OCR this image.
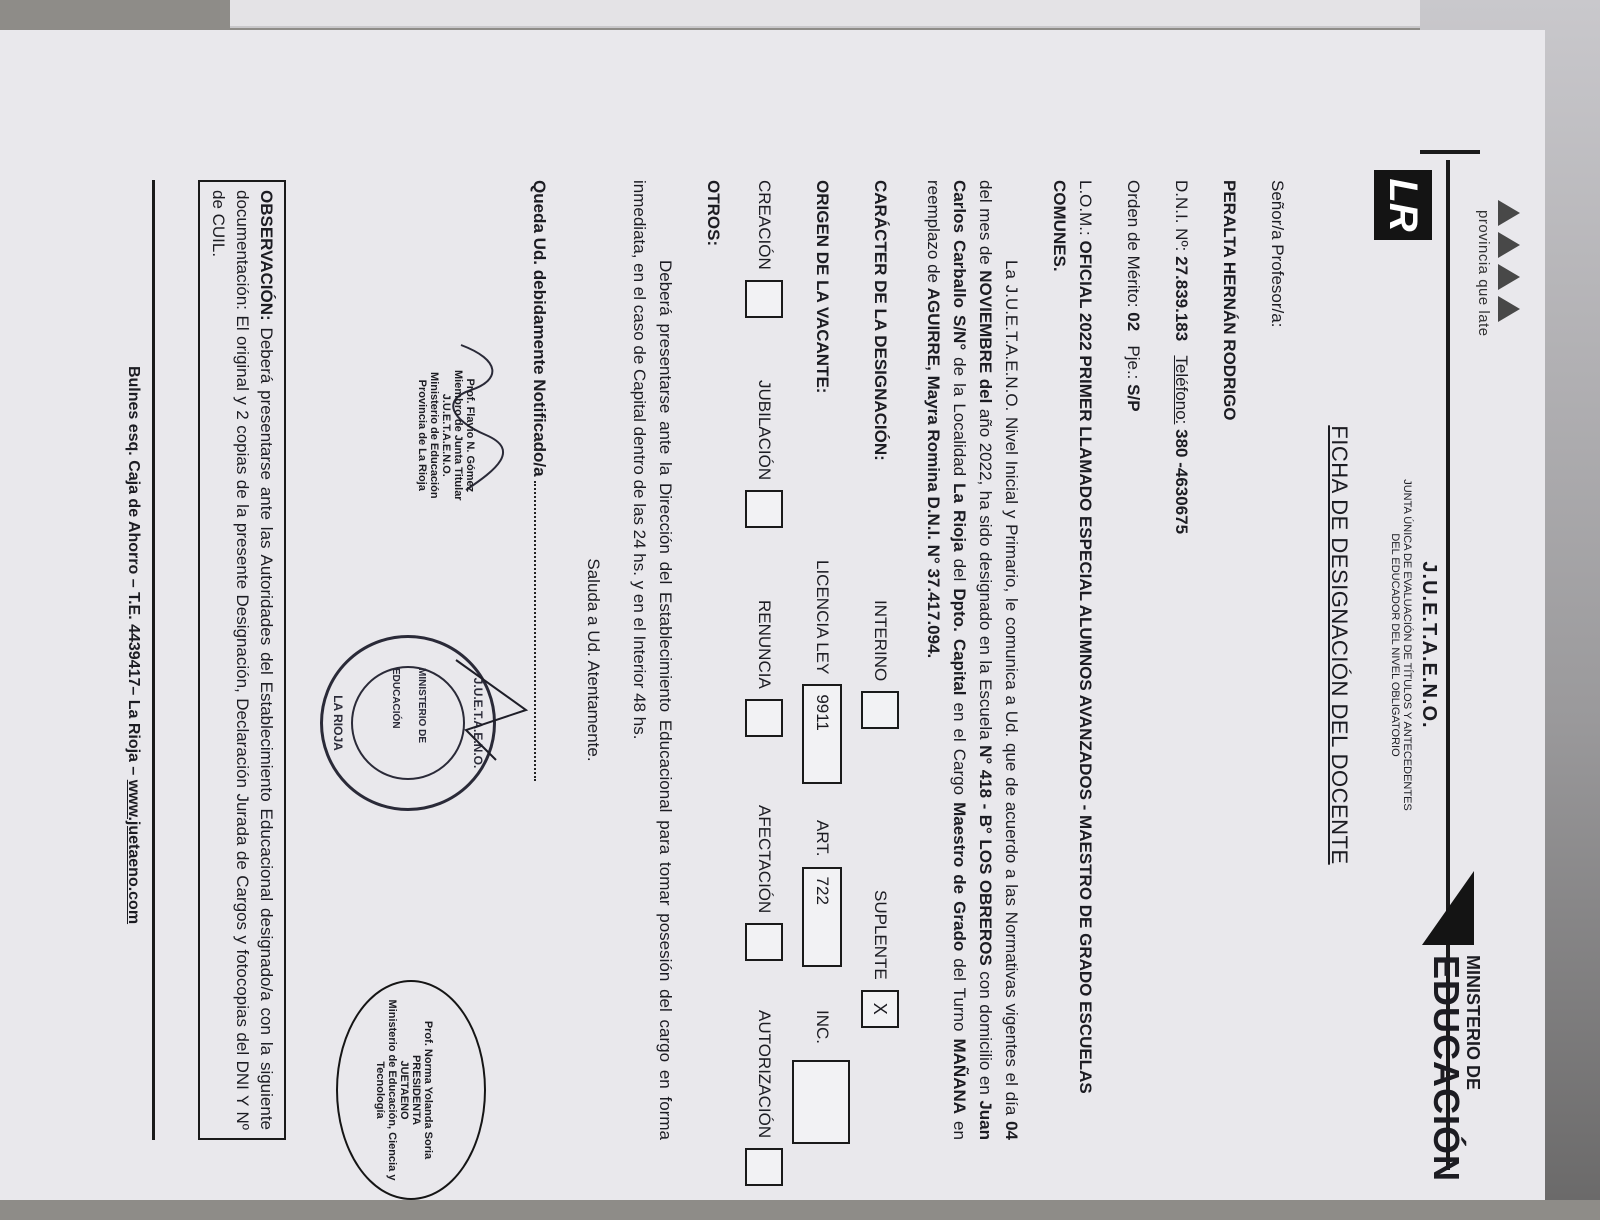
provincia que late
LR
J.U.E.T.A.E.N.O.
JUNTA ÚNICA DE EVALUACIÓN DE TÍTULOS Y ANTECEDENTES
DEL EDUCADOR DEL NIVEL OBLIGATORIO
MINISTERIO DE
EDUCACIÓN
FICHA DE DESIGNACIÓN DEL DOCENTE
Señor/a Profesor/a:
PERALTA HERNÁN RODRIGO
D.N.I. Nº: 27.839.183   Teléfono: 380 -4630675
Orden de Mérito: 02   Pje.: S/P
L.O.M.: OFICIAL 2022 PRIMER LLAMADO ESPECIAL ALUMNOS AVANZADOS - MAESTRO DE GRADO ESCUELAS COMUNES.
La J.U.E.T.A.E.N.O. Nivel Inicial y Primario, le comunica a Ud. que de acuerdo a las Normativas vigentes el día 04 del mes de NOVIEMBRE del año 2022, ha sido designado en la Escuela N° 418 - B° LOS OBREROS con domicilio en Juan Carlos Carballo S/N° de la Localidad La Rioja del Dpto. Capital en el Cargo Maestro de Grado del Turno MAÑANA en reemplazo de AGUIRRE, Mayra Romina D.N.I. N° 37.417.094.
CARÁCTER DE LA DESIGNACIÓN:
INTERINO
SUPLENTE
X
ORIGEN DE LA VACANTE:
LICENCIA LEY
9911
ART.
722
INC.
CREACIÓN
JUBILACIÓN
RENUNCIA
AFECTACIÓN
AUTORIZACIÓN
OTROS:
Deberá presentarse ante la Dirección del Establecimiento Educacional para tomar posesión del cargo en forma inmediata, en el caso de Capital dentro de las 24 hs. y en el Interior 48 hs.
Saluda a Ud. Atentamente.
Queda Ud. debidamente Notificado/a
Prof. Flavio N. Gómez
Miembro de Junta Titular
J.U.E.T.A.E.N.O.
Ministerio de Educación
Provincia de La Rioja
J.U.E.T.A.E.N.O.
MINISTERIO DE EDUCACIÓN
LA RIOJA
Prof. Norma Yolanda Soria
PRESIDENTA
JUETAENO
Ministerio de Educación, Ciencia y Tecnología
OBSERVACIÓN: Deberá presentarse ante las Autoridades del Establecimiento Educacional designado/a con la siguiente documentación: El original y 2 copias de la presente Designación, Declaración Jurada de Cargos y fotocopias del DNI Y Nº de CUIL.
Bulnes esq. Caja de Ahorro – T.E. 4439417– La Rioja – www.juetaeno.com
